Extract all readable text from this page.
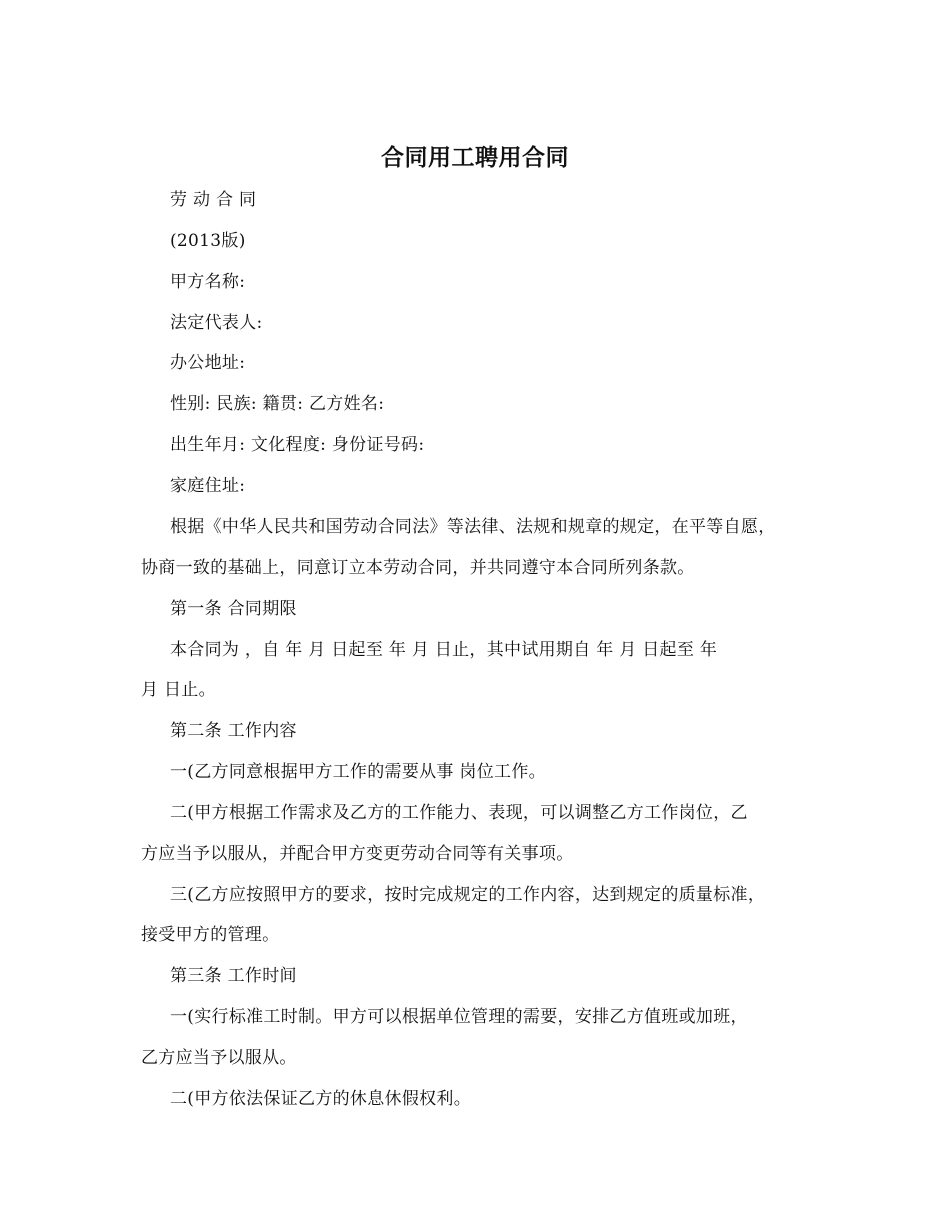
合同用工聘用合同
劳 动 合 同
(2013版)
甲方名称:
法定代表人:
办公地址:
性别: 民族: 籍贯: 乙方姓名:
出生年月: 文化程度: 身份证号码:
家庭住址:
根据《中华人民共和国劳动合同法》等法律、法规和规章的规定，在平等自愿，
协商一致的基础上，同意订立本劳动合同，并共同遵守本合同所列条款。
第一条 合同期限
本合同为 ，自 年 月 日起至 年 月 日止，其中试用期自 年 月 日起至 年
月 日止。
第二条 工作内容
一(乙方同意根据甲方工作的需要从事 岗位工作。
二(甲方根据工作需求及乙方的工作能力、表现，可以调整乙方工作岗位，乙
方应当予以服从，并配合甲方变更劳动合同等有关事项。
三(乙方应按照甲方的要求，按时完成规定的工作内容，达到规定的质量标准，
接受甲方的管理。
第三条 工作时间
一(实行标准工时制。甲方可以根据单位管理的需要，安排乙方值班或加班，
乙方应当予以服从。
二(甲方依法保证乙方的休息休假权利。
